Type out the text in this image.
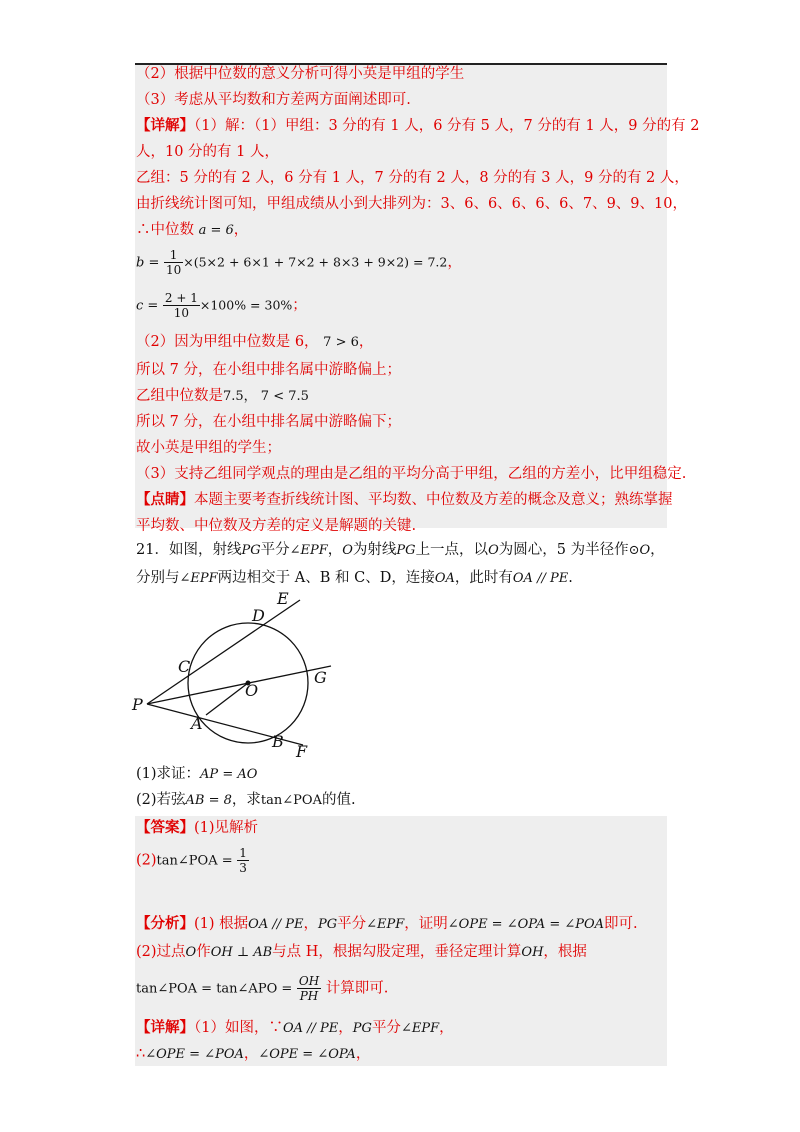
（2）根据中位数的意义分析可得小英是甲组的学生
（3）考虑从平均数和方差两方面阐述即可.
【详解】（1）解：（1）甲组：3 分的有 1 人，6 分有 5 人，7 分的有 1 人，9 分的有 2
人，10 分的有 1 人，
乙组：5 分的有 2 人，6 分有 1 人，7 分的有 2 人，8 分的有 3 人，9 分的有 2 人，
由折线统计图可知，甲组成绩从小到大排列为：3、6、6、6、6、6、7、9、9、10，
∴中位数 a = 6，
$b = \frac{1}{10} \times(5\times 2 + 6\times 1 + 7\times 2 + 8\times 3 + 9\times 2) = 7.2$，
$c = \frac{2 + 1}{10} \times 100\% = 30\%$；
（2）因为甲组中位数是 6， 7 > 6，
所以 7 分，在小组中排名属中游略偏上；
乙组中位数是7.5， 7 < 7.5
所以 7 分，在小组中排名属中游略偏下；
故小英是甲组的学生；
（3）支持乙组同学观点的理由是乙组的平均分高于甲组，乙组的方差小，比甲组稳定.
【点睛】本题主要考查折线统计图、平均数、中位数及方差的概念及意义；熟练掌握
平均数、中位数及方差的定义是解题的关键.
21．如图，射线PG平分∠EPF，O为射线PG上一点，以O为圆心，5 为半径作⊙O，
分别与∠EPF两边相交于 A、B 和 C、D，连接OA，此时有OA // PE.
E
D
C
O
G
P
A
B
F
(1)求证：AP = AO
(2)若弦AB = 8，求tan∠POA的值.
【答案】(1)见解析
(2)tan∠POA = $\frac{1}{3}$
【分析】(1) 根据OA // PE，PG平分∠EPF，证明∠OPE = ∠OPA = ∠POA即可.
(2)过点O作OH ⊥ AB与点 H，根据勾股定理，垂径定理计算OH，根据
tan∠POA = tan∠APO = $\frac{OH}{PH}$ 计算即可.
【详解】（1）如图，∵OA // PE，PG平分∠EPF，
∴∠OPE = ∠POA，∠OPE = ∠OPA，
